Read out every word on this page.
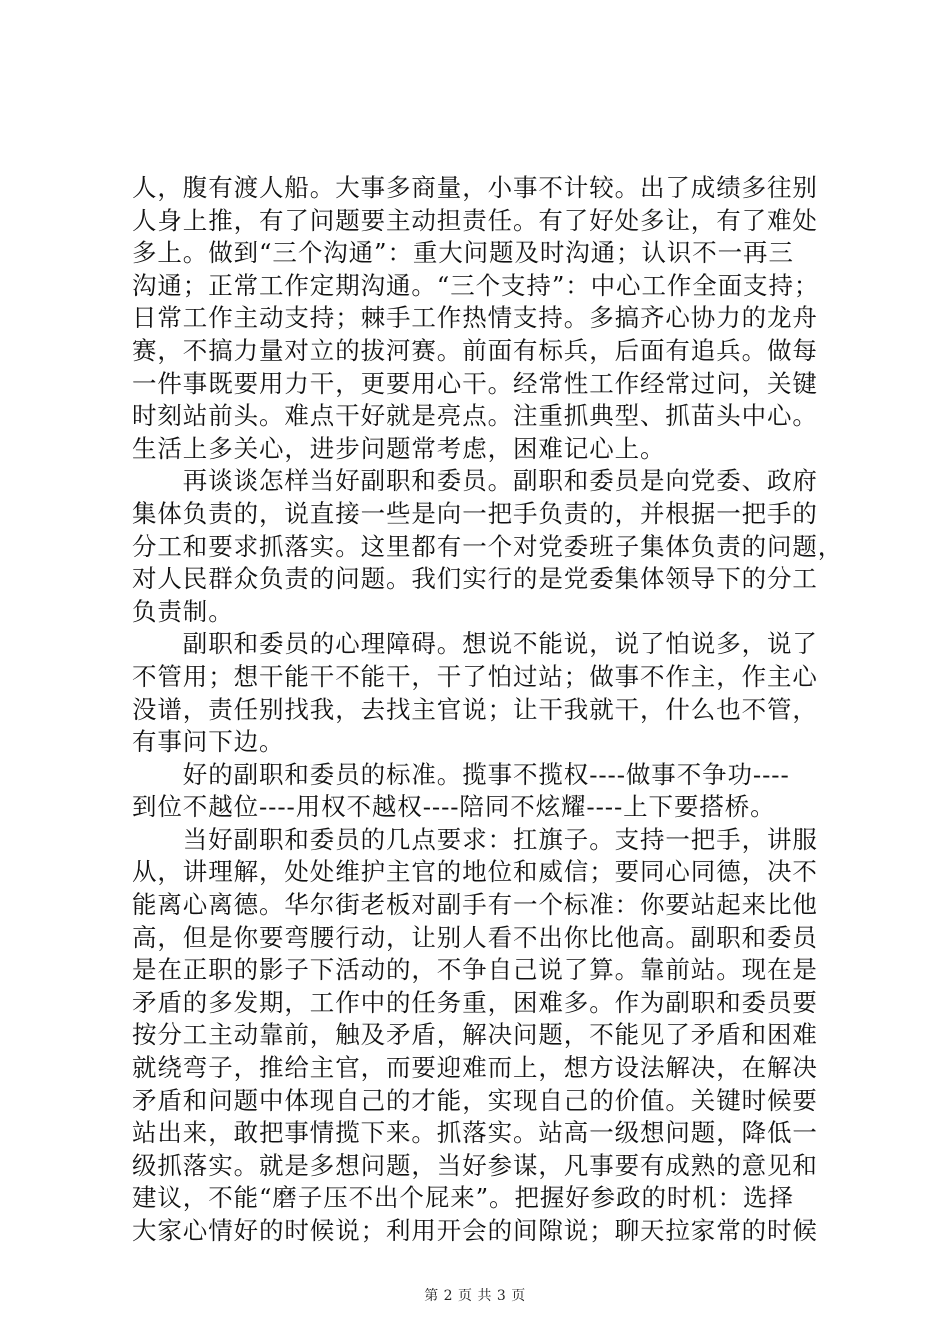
人，腹有渡人船。大事多商量，小事不计较。出了成绩多往别
人身上推，有了问题要主动担责任。有了好处多让，有了难处
多上。做到“三个沟通”：重大问题及时沟通；认识不一再三
沟通；正常工作定期沟通。“三个支持”：中心工作全面支持；
日常工作主动支持；棘手工作热情支持。多搞齐心协力的龙舟
赛，不搞力量对立的拔河赛。前面有标兵，后面有追兵。做每
一件事既要用力干，更要用心干。经常性工作经常过问，关键
时刻站前头。难点干好就是亮点。注重抓典型、抓苗头中心。
生活上多关心，进步问题常考虑，困难记心上。
　　再谈谈怎样当好副职和委员。副职和委员是向党委、政府
集体负责的，说直接一些是向一把手负责的，并根据一把手的
分工和要求抓落实。这里都有一个对党委班子集体负责的问题，
对人民群众负责的问题。我们实行的是党委集体领导下的分工
负责制。
　　副职和委员的心理障碍。想说不能说，说了怕说多，说了
不管用；想干能干不能干，干了怕过站；做事不作主，作主心
没谱，责任别找我，去找主官说；让干我就干，什么也不管，
有事问下边。
　　好的副职和委员的标准。揽事不揽权----做事不争功----
到位不越位----用权不越权----陪同不炫耀----上下要搭桥。
　　当好副职和委员的几点要求：扛旗子。支持一把手，讲服
从，讲理解，处处维护主官的地位和威信；要同心同德，决不
能离心离德。华尔街老板对副手有一个标准：你要站起来比他
高，但是你要弯腰行动，让别人看不出你比他高。副职和委员
是在正职的影子下活动的，不争自己说了算。靠前站。现在是
矛盾的多发期，工作中的任务重，困难多。作为副职和委员要
按分工主动靠前，触及矛盾，解决问题，不能见了矛盾和困难
就绕弯子，推给主官，而要迎难而上，想方设法解决，在解决
矛盾和问题中体现自己的才能，实现自己的价值。关键时候要
站出来，敢把事情揽下来。抓落实。站高一级想问题，降低一
级抓落实。就是多想问题，当好参谋，凡事要有成熟的意见和
建议，不能“磨子压不出个屁来”。把握好参政的时机：选择
大家心情好的时候说；利用开会的间隙说；聊天拉家常的时候
第 2 页 共 3 页
